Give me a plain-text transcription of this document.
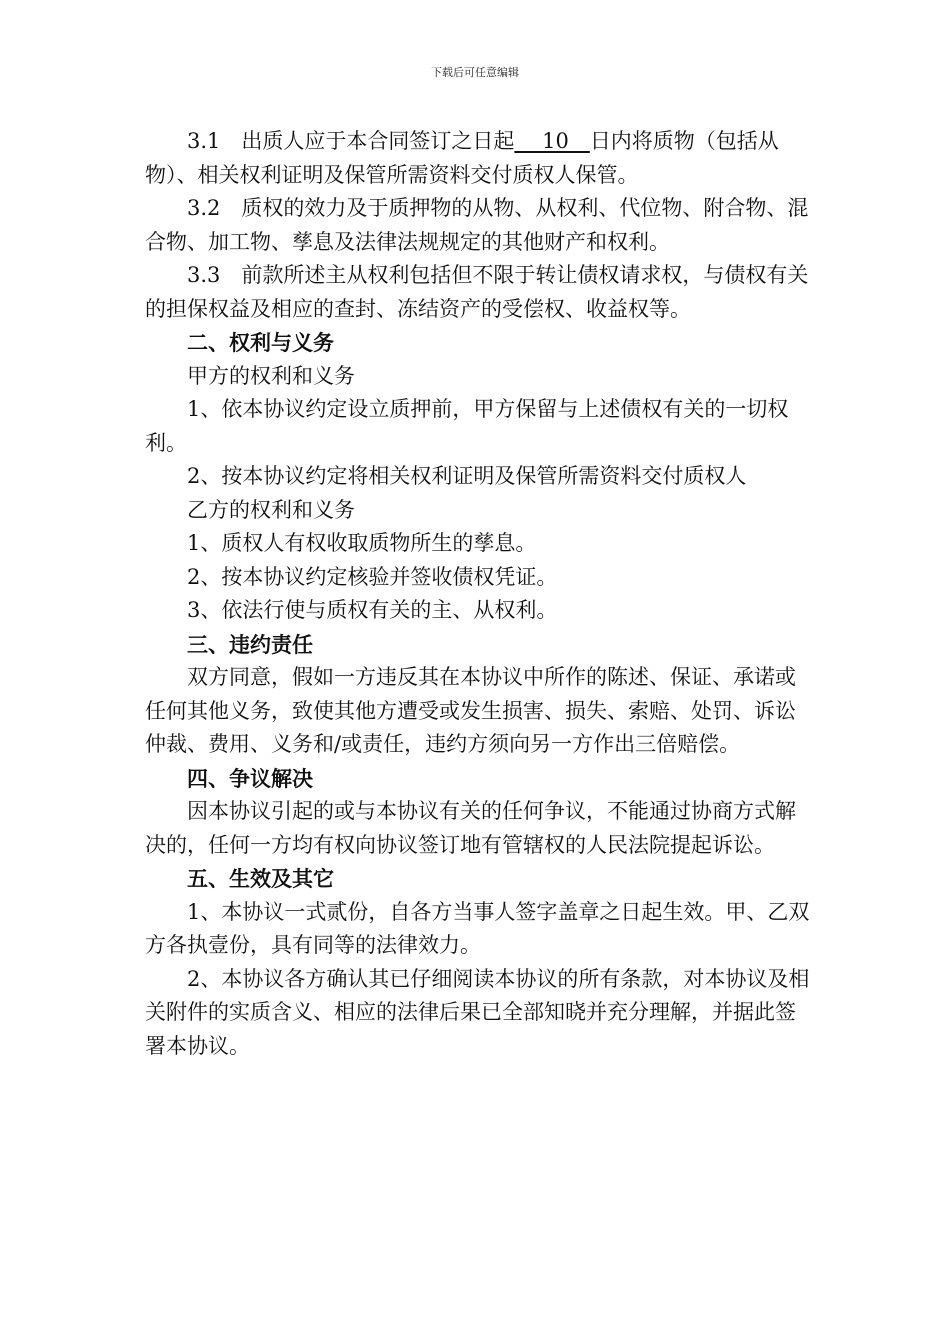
下载后可任意编辑

3.1　出质人应于本合同签订之日起　 10　日内将质物（包括从物）、相关权利证明及保管所需资料交付质权人保管。

3.2　质权的效力及于质押物的从物、从权利、代位物、附合物、混合物、加工物、孳息及法律法规规定的其他财产和权利。

3.3　前款所述主从权利包括但不限于转让债权请求权，与债权有关的担保权益及相应的查封、冻结资产的受偿权、收益权等。

二、权利与义务

甲方的权利和义务

1、依本协议约定设立质押前，甲方保留与上述债权有关的一切权利。

2、按本协议约定将相关权利证明及保管所需资料交付质权人

乙方的权利和义务

1、质权人有权收取质物所生的孳息。

2、按本协议约定核验并签收债权凭证。

3、依法行使与质权有关的主、从权利。

三、违约责任

双方同意，假如一方违反其在本协议中所作的陈述、保证、承诺或任何其他义务，致使其他方遭受或发生损害、损失、索赔、处罚、诉讼仲裁、费用、义务和/或责任，违约方须向另一方作出三倍赔偿。

四、争议解决

因本协议引起的或与本协议有关的任何争议，不能通过协商方式解决的，任何一方均有权向协议签订地有管辖权的人民法院提起诉讼。

五、生效及其它

1、本协议一式贰份，自各方当事人签字盖章之日起生效。甲、乙双方各执壹份，具有同等的法律效力。

2、本协议各方确认其已仔细阅读本协议的所有条款，对本协议及相关附件的实质含义、相应的法律后果已全部知晓并充分理解，并据此签署本协议。
